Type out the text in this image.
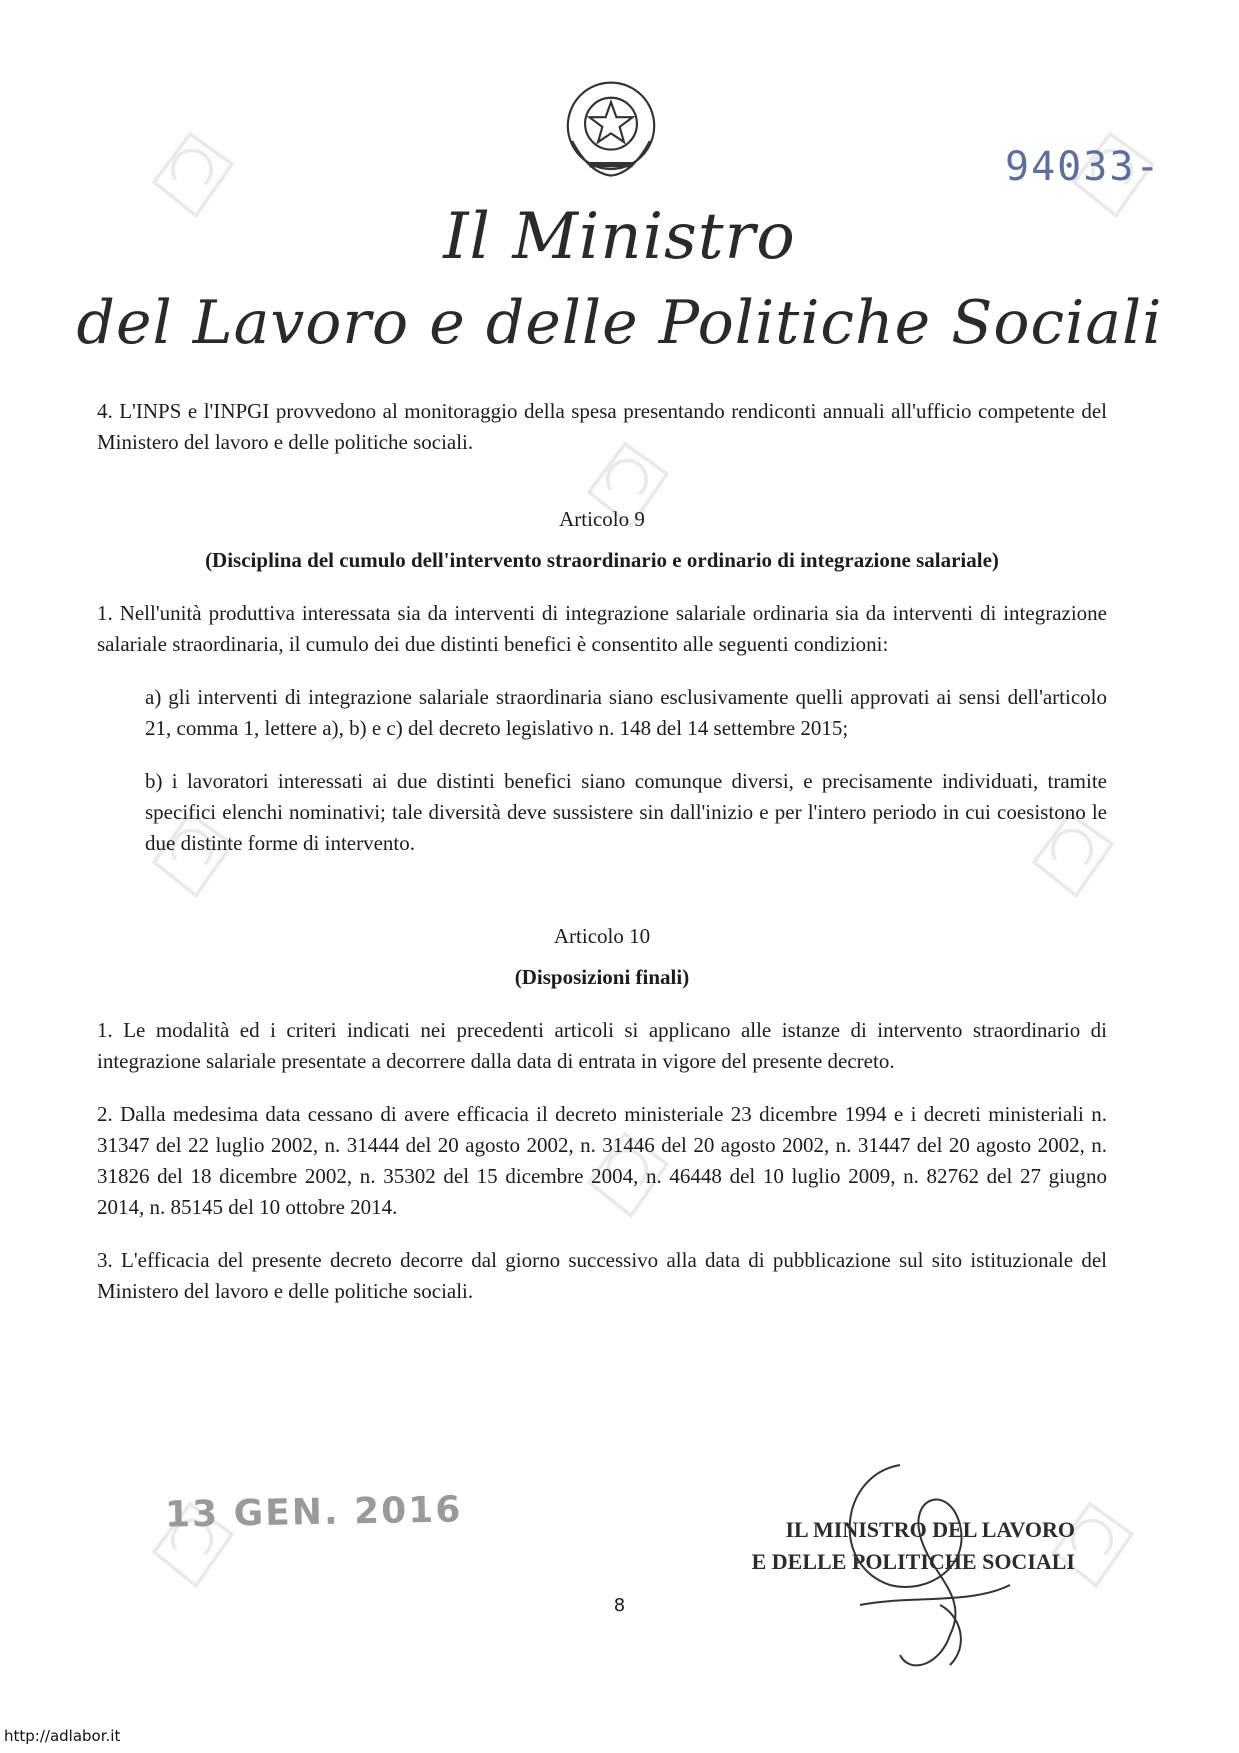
Il Ministro
del Lavoro e delle Politiche Sociali
94033-

4. L'INPS e l'INPGI provvedono al monitoraggio della spesa presentando rendiconti annuali all'ufficio competente del Ministero del lavoro e delle politiche sociali.

Articolo 9

(Disciplina del cumulo dell'intervento straordinario e ordinario di integrazione salariale)

1. Nell'unità produttiva interessata sia da interventi di integrazione salariale ordinaria sia da interventi di integrazione salariale straordinaria, il cumulo dei due distinti benefici è consentito alle seguenti condizioni:

a) gli interventi di integrazione salariale straordinaria siano esclusivamente quelli approvati ai sensi dell'articolo 21, comma 1, lettere a), b) e c) del decreto legislativo n. 148 del 14 settembre 2015;

b) i lavoratori interessati ai due distinti benefici siano comunque diversi, e precisamente individuati, tramite specifici elenchi nominativi; tale diversità deve sussistere sin dall'inizio e per l'intero periodo in cui coesistono le due distinte forme di intervento.

Articolo 10

(Disposizioni finali)

1. Le modalità ed i criteri indicati nei precedenti articoli si applicano alle istanze di intervento straordinario di integrazione salariale presentate a decorrere dalla data di entrata in vigore del presente decreto.

2. Dalla medesima data cessano di avere efficacia il decreto ministeriale 23 dicembre 1994 e i decreti ministeriali n. 31347 del 22 luglio 2002, n. 31444 del 20 agosto 2002, n. 31446 del 20 agosto 2002, n. 31447 del 20 agosto 2002, n. 31826 del 18 dicembre 2002, n. 35302 del 15 dicembre 2004, n. 46448 del 10 luglio 2009, n. 82762 del 27 giugno 2014, n. 85145 del 10 ottobre 2014.

3. L'efficacia del presente decreto decorre dal giorno successivo alla data di pubblicazione sul sito istituzionale del Ministero del lavoro e delle politiche sociali.

13 GEN. 2016	IL MINISTRO DEL LAVORO
E DELLE POLITICHE SOCIALI
8
http://adlabor.it
